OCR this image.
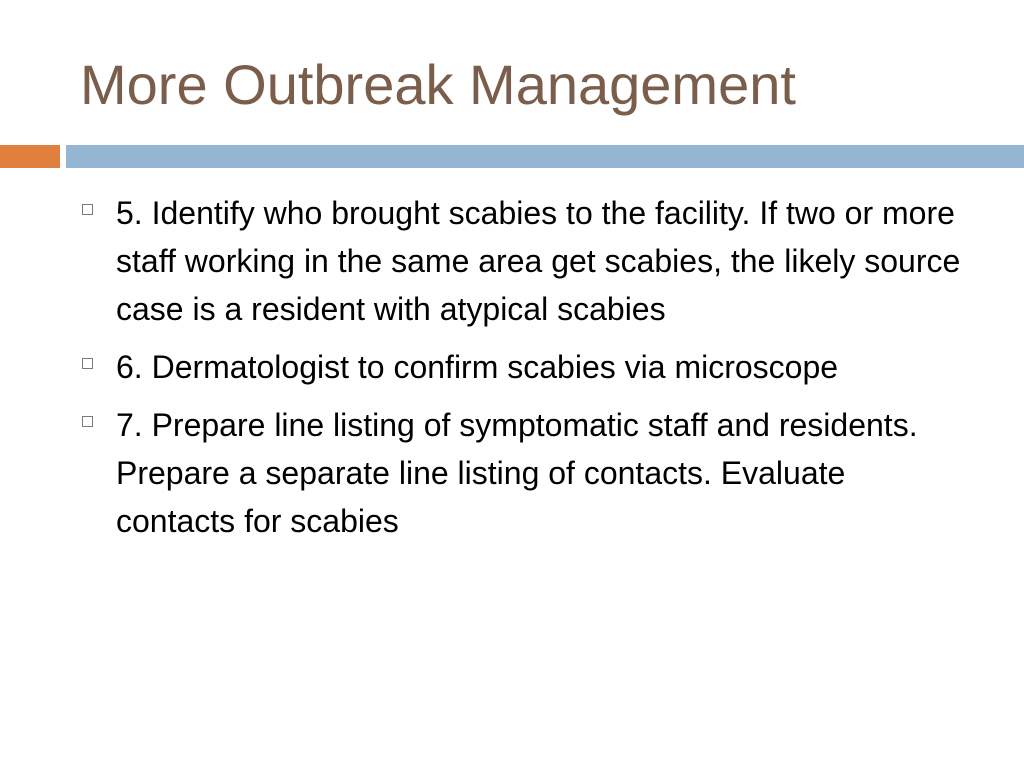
More Outbreak Management
5. Identify who brought scabies to the facility. If two or more staff working in the same area get scabies, the likely source case is a resident with atypical scabies
6. Dermatologist to confirm scabies via microscope
7. Prepare line listing of symptomatic staff and residents. Prepare a separate line listing of contacts. Evaluate contacts for scabies
